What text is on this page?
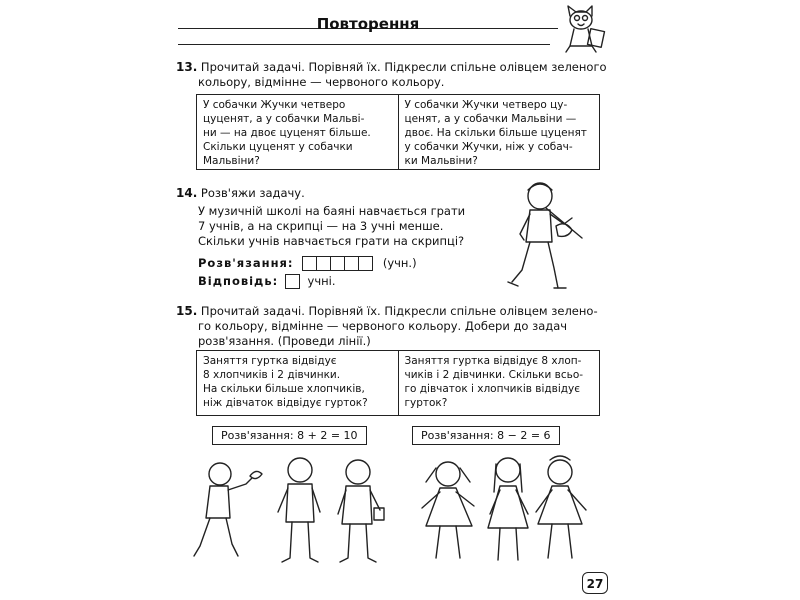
Повторення
13. Прочитай задачі. Порівняй їх. Підкресли спільне олівцем зеленого
кольору, відмінне — червоного кольору.
У собачки Жучки четверо
цуценят, а у собачки Мальві-
ни — на двоє цуценят більше.
Скільки цуценят у собачки
Мальвіни?
У собачки Жучки четверо цу-
ценят, а у собачки Мальвіни —
двоє. На скільки більше цуценят
у собачки Жучки, ніж у собач-
ки Мальвіни?
14. Розв'яжи задачу.
У музичній школі на баяні навчається грати
7 учнів, а на скрипці — на 3 учні менше.
Скільки учнів навчається грати на скрипці?
Розв'язання:	(учн.)
Відповідь:	учні.
15. Прочитай задачі. Порівняй їх. Підкресли спільне олівцем зелено-
го кольору, відмінне — червоного кольору. Добери до задач
розв'язання. (Проведи лінії.)
Заняття гуртка відвідує
8 хлопчиків і 2 дівчинки.
На скільки більше хлопчиків,
ніж дівчаток відвідує гурток?
Заняття гуртка відвідує 8 хлоп-
чиків і 2 дівчинки. Скільки всьо-
го дівчаток і хлопчиків відвідує
гурток?
Розв'язання: 8 + 2 = 10	Розв'язання: 8 − 2 = 6
27
